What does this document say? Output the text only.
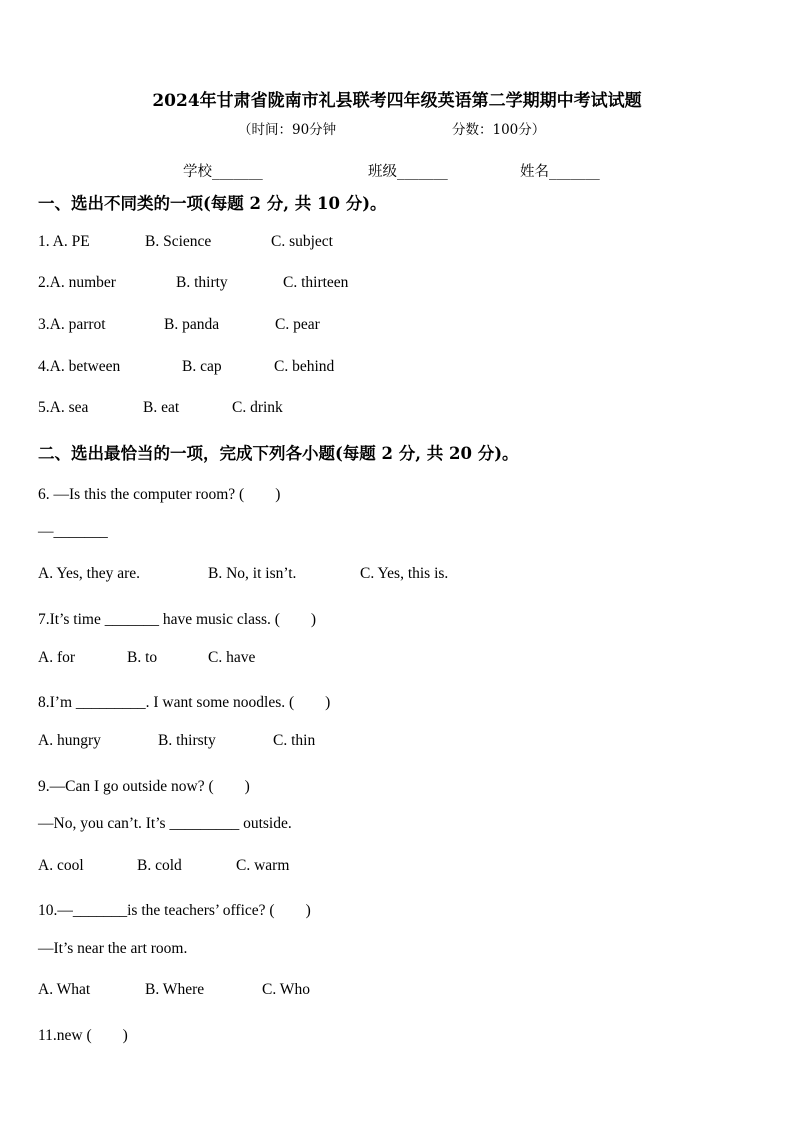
2024年甘肃省陇南市礼县联考四年级英语第二学期期中考试试题
（时间：90分钟	分数：100分）
学校_______	班级_______	姓名_______
一、选出不同类的一项(每题 2 分, 共 10 分)。
1. A. PE	B. Science	C. subject
2.A. number	B. thirty	C. thirteen
3.A. parrot	B. panda	C. pear
4.A. between	B. cap	C. behind
5.A. sea	B. eat	C. drink
二、选出最恰当的一项，完成下列各小题(每题 2 分, 共 20 分)。
6. —Is this the computer room? (　　)
—_______
A. Yes, they are.	B. No, it isn’t.	C. Yes, this is.
7.It’s time _______ have music class. (　　)
A. for	B. to	C. have
8.I’m _________. I want some noodles. (　　)
A. hungry	B. thirsty	C. thin
9.—Can I go outside now? (　　)
—No, you can’t. It’s _________ outside.
A. cool	B. cold	C. warm
10.—_______is the teachers’ office? (　　)
—It’s near the art room.
A. What	B. Where	C. Who
11.new (　　)
